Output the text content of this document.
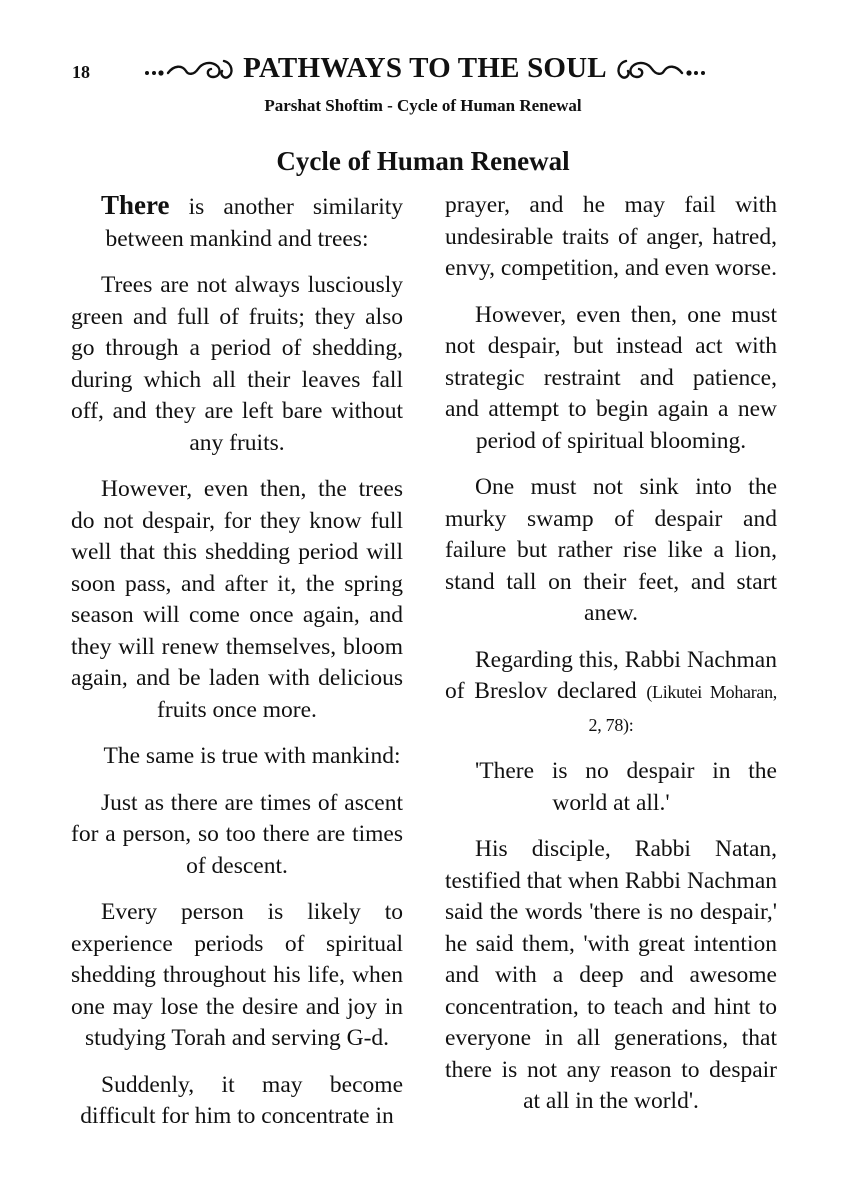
18	PATHWAYS TO THE SOUL
Parshat Shoftim - Cycle of Human Renewal
Cycle of Human Renewal

There is another similarity between mankind and trees:

Trees are not always lusciously green and full of fruits; they also go through a period of shedding, during which all their leaves fall off, and they are left bare without any fruits.

However, even then, the trees do not despair, for they know full well that this shedding period will soon pass, and after it, the spring season will come once again, and they will renew themselves, bloom again, and be laden with delicious fruits once more.

The same is true with mankind:

Just as there are times of ascent for a person, so too there are times of descent.

Every person is likely to experience periods of spiritual shedding throughout his life, when one may lose the desire and joy in studying Torah and serving G-d.

Suddenly, it may become difficult for him to concentrate in

prayer, and he may fail with undesirable traits of anger, hatred, envy, competition, and even worse.

However, even then, one must not despair, but instead act with strategic restraint and patience, and attempt to begin again a new period of spiritual blooming.

One must not sink into the murky swamp of despair and failure but rather rise like a lion, stand tall on their feet, and start anew.

Regarding this, Rabbi Nachman of Breslov declared (Likutei Moharan, 2, 78):

'There is no despair in the world at all.'

His disciple, Rabbi Natan, testified that when Rabbi Nachman said the words 'there is no despair,' he said them, 'with great intention and with a deep and awesome concentration, to teach and hint to everyone in all generations, that there is not any reason to despair at all in the world'.
